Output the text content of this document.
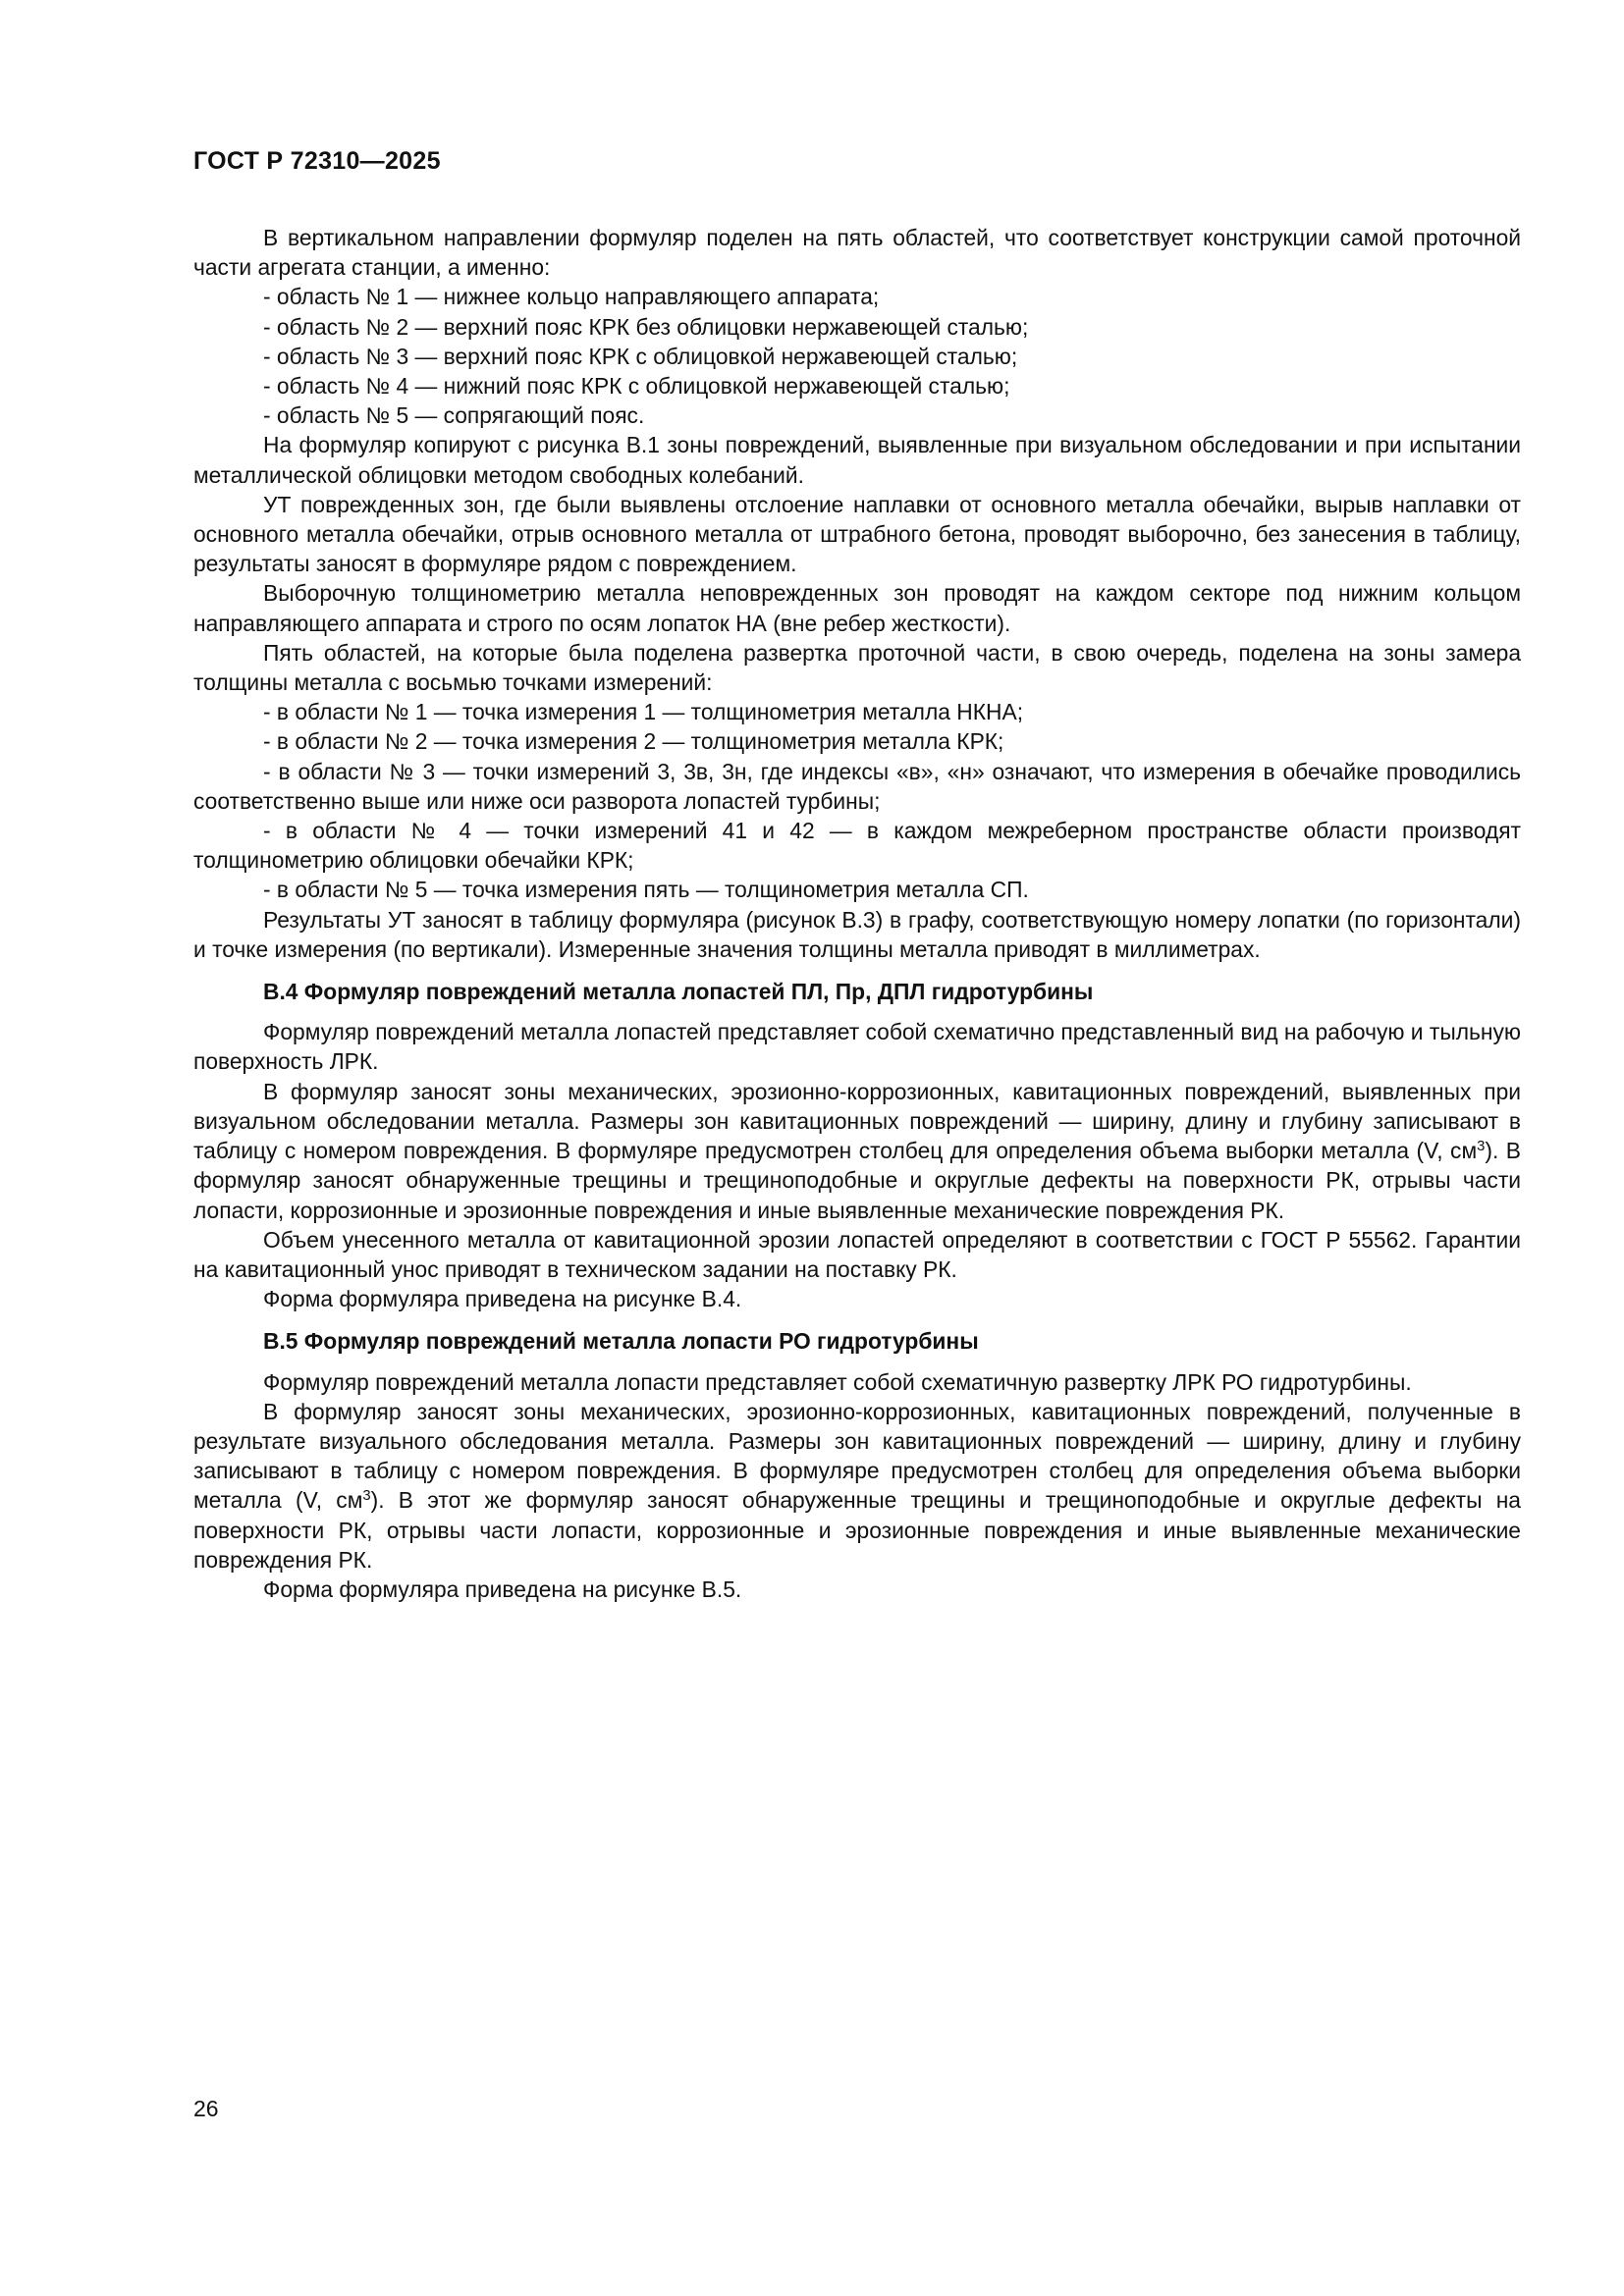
ГОСТ Р 72310—2025

В вертикальном направлении формуляр поделен на пять областей, что соответствует конструкции самой проточной части агрегата станции, а именно:

- область № 1 — нижнее кольцо направляющего аппарата;

- область № 2 — верхний пояс КРК без облицовки нержавеющей сталью;

- область № 3 — верхний пояс КРК с облицовкой нержавеющей сталью;

- область № 4 — нижний пояс КРК с облицовкой нержавеющей сталью;

- область № 5 — сопрягающий пояс.

На формуляр копируют с рисунка В.1 зоны повреждений, выявленные при визуальном обследовании и при испытании металлической облицовки методом свободных колебаний.

УТ поврежденных зон, где были выявлены отслоение наплавки от основного металла обечайки, вырыв наплавки от основного металла обечайки, отрыв основного металла от штрабного бетона, проводят выборочно, без занесения в таблицу, результаты заносят в формуляре рядом с повреждением.

Выборочную толщинометрию металла неповрежденных зон проводят на каждом секторе под нижним кольцом направляющего аппарата и строго по осям лопаток НА (вне ребер жесткости).

Пять областей, на которые была поделена развертка проточной части, в свою очередь, поделена на зоны замера толщины металла с восьмью точками измерений:

- в области № 1 — точка измерения 1 — толщинометрия металла НКНА;

- в области № 2 — точка измерения 2 — толщинометрия металла КРК;

- в области № 3 — точки измерений 3, 3в, 3н, где индексы «в», «н» означают, что измерения в обечайке проводились соответственно выше или ниже оси разворота лопастей турбины;

- в области № 4 — точки измерений 41 и 42 — в каждом межреберном пространстве области производят толщинометрию облицовки обечайки КРК;

- в области № 5 — точка измерения пять — толщинометрия металла СП.

Результаты УТ заносят в таблицу формуляра (рисунок В.3) в графу, соответствующую номеру лопатки (по горизонтали) и точке измерения (по вертикали). Измеренные значения толщины металла приводят в миллиметрах.

В.4 Формуляр повреждений металла лопастей ПЛ, Пр, ДПЛ гидротурбины

Формуляр повреждений металла лопастей представляет собой схематично представленный вид на рабочую и тыльную поверхность ЛРК.

В формуляр заносят зоны механических, эрозионно-коррозионных, кавитационных повреждений, выявленных при визуальном обследовании металла. Размеры зон кавитационных повреждений — ширину, длину и глубину записывают в таблицу с номером повреждения. В формуляре предусмотрен столбец для определения объема выборки металла (V, $см^3$). В формуляр заносят обнаруженные трещины и трещиноподобные и округлые дефекты на поверхности РК, отрывы части лопасти, коррозионные и эрозионные повреждения и иные выявленные механические повреждения РК.

Объем унесенного металла от кавитационной эрозии лопастей определяют в соответствии с ГОСТ Р 55562. Гарантии на кавитационный унос приводят в техническом задании на поставку РК.

Форма формуляра приведена на рисунке В.4.

В.5 Формуляр повреждений металла лопасти РО гидротурбины

Формуляр повреждений металла лопасти представляет собой схематичную развертку ЛРК РО гидротурбины.

В формуляр заносят зоны механических, эрозионно-коррозионных, кавитационных повреждений, полученные в результате визуального обследования металла. Размеры зон кавитационных повреждений — ширину, длину и глубину записывают в таблицу с номером повреждения. В формуляре предусмотрен столбец для определения объема выборки металла (V, $см^3$). В этот же формуляр заносят обнаруженные трещины и трещиноподобные и округлые дефекты на поверхности РК, отрывы части лопасти, коррозионные и эрозионные повреждения и иные выявленные механические повреждения РК.

Форма формуляра приведена на рисунке В.5.

26
